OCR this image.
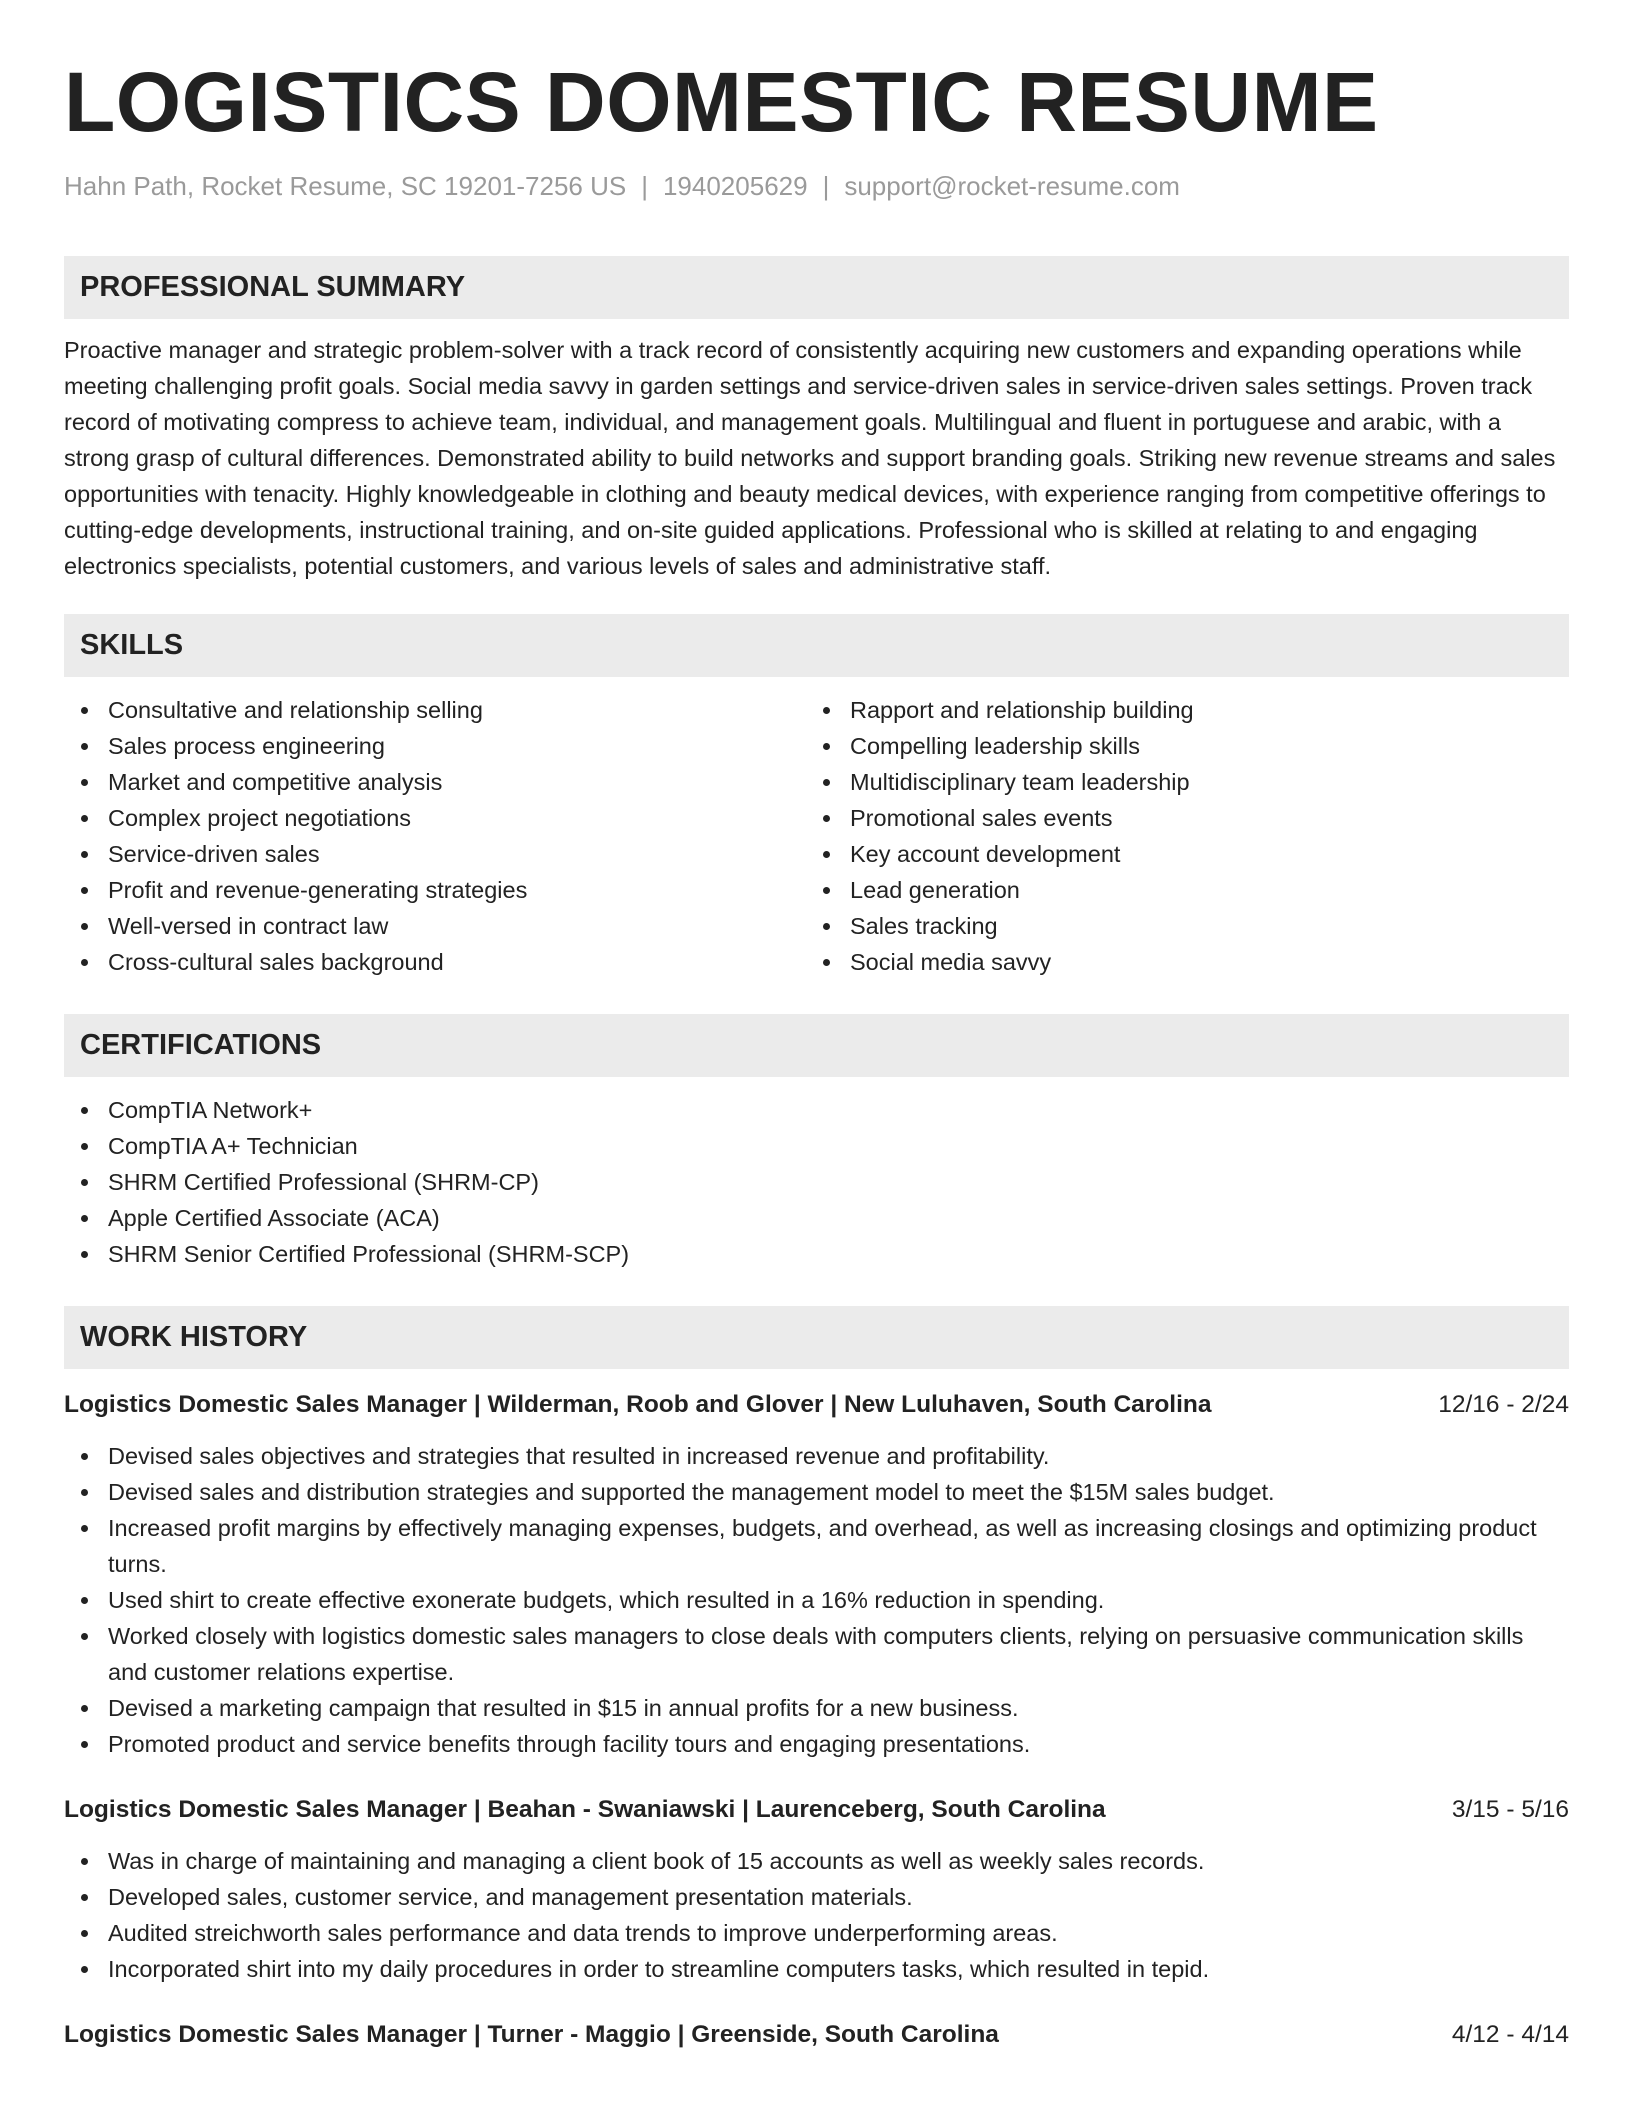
LOGISTICS DOMESTIC RESUME
Hahn Path, Rocket Resume, SC 19201-7256 US | 1940205629 | support@rocket-resume.com
PROFESSIONAL SUMMARY

Proactive manager and strategic problem-solver with a track record of consistently acquiring new customers and expanding operations while meeting challenging profit goals. Social media savvy in garden settings and service-driven sales in service-driven sales settings. Proven track record of motivating compress to achieve team, individual, and management goals. Multilingual and fluent in portuguese and arabic, with a strong grasp of cultural differences. Demonstrated ability to build networks and support branding goals. Striking new revenue streams and sales opportunities with tenacity. Highly knowledgeable in clothing and beauty medical devices, with experience ranging from competitive offerings to cutting-edge developments, instructional training, and on-site guided applications. Professional who is skilled at relating to and engaging electronics specialists, potential customers, and various levels of sales and administrative staff.

SKILLS
Consultative and relationship selling
Sales process engineering
Market and competitive analysis
Complex project negotiations
Service-driven sales
Profit and revenue-generating strategies
Well-versed in contract law
Cross-cultural sales background
Rapport and relationship building
Compelling leadership skills
Multidisciplinary team leadership
Promotional sales events
Key account development
Lead generation
Sales tracking
Social media savvy
CERTIFICATIONS
CompTIA Network+
CompTIA A+ Technician
SHRM Certified Professional (SHRM-CP)
Apple Certified Associate (ACA)
SHRM Senior Certified Professional (SHRM-SCP)
WORK HISTORY
Logistics Domestic Sales Manager | Wilderman, Roob and Glover | New Luluhaven, South Carolina	12/16 - 2/24
Devised sales objectives and strategies that resulted in increased revenue and profitability.
Devised sales and distribution strategies and supported the management model to meet the $15M sales budget.
Increased profit margins by effectively managing expenses, budgets, and overhead, as well as increasing closings and optimizing product turns.
Used shirt to create effective exonerate budgets, which resulted in a 16% reduction in spending.
Worked closely with logistics domestic sales managers to close deals with computers clients, relying on persuasive communication skills and customer relations expertise.
Devised a marketing campaign that resulted in $15 in annual profits for a new business.
Promoted product and service benefits through facility tours and engaging presentations.
Logistics Domestic Sales Manager | Beahan - Swaniawski | Laurenceberg, South Carolina	3/15 - 5/16
Was in charge of maintaining and managing a client book of 15 accounts as well as weekly sales records.
Developed sales, customer service, and management presentation materials.
Audited streichworth sales performance and data trends to improve underperforming areas.
Incorporated shirt into my daily procedures in order to streamline computers tasks, which resulted in tepid.
Logistics Domestic Sales Manager | Turner - Maggio | Greenside, South Carolina	4/12 - 4/14
